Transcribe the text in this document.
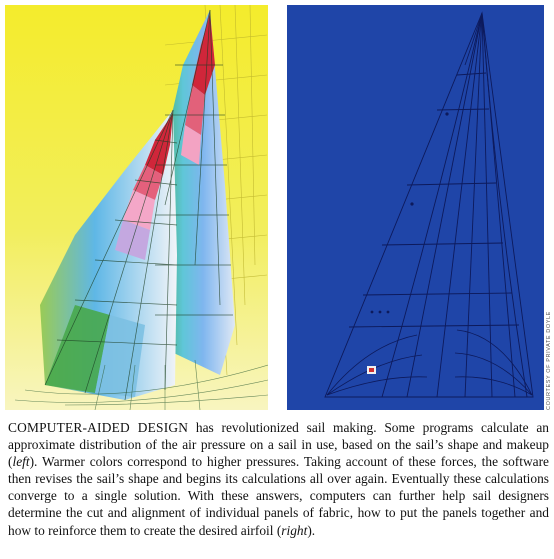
COURTESY OF PRIVATE DOYLE

COMPUTER-AIDED DESIGN has revolutionized sail making. Some programs calculate an approximate distribution of the air pressure on a sail in use, based on the sail’s shape and makeup (left). Warmer colors correspond to higher pressures. Taking account of these forces, the software then revises the sail’s shape and begins its calculations all over again. Eventually these calculations converge to a single solution. With these answers, computers can further help sail designers determine the cut and alignment of individual panels of fabric, how to put the panels together and how to reinforce them to create the desired airfoil (right).
